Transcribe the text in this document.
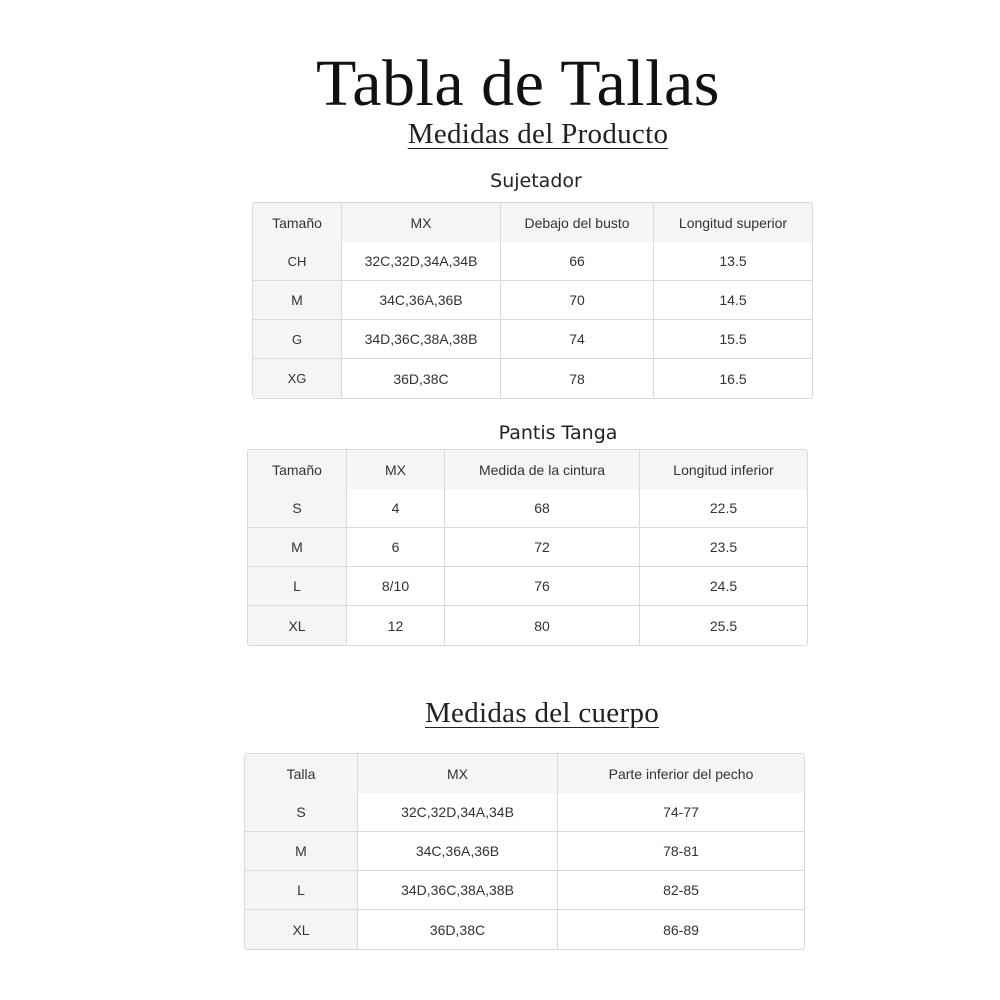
Tabla de Tallas
Medidas del Producto
Sujetador
Tamaño	MX	Debajo del busto	Longitud superior
CH	32C,32D,34A,34B	66	13.5
M	34C,36A,36B	70	14.5
G	34D,36C,38A,38B	74	15.5
XG	36D,38C	78	16.5
Pantis Tanga
Tamaño	MX	Medida de la cintura	Longitud inferior
S	4	68	22.5
M	6	72	23.5
L	8/10	76	24.5
XL	12	80	25.5
Medidas del cuerpo
Talla	MX	Parte inferior del pecho
S	32C,32D,34A,34B	74-77
M	34C,36A,36B	78-81
L	34D,36C,38A,38B	82-85
XL	36D,38C	86-89
